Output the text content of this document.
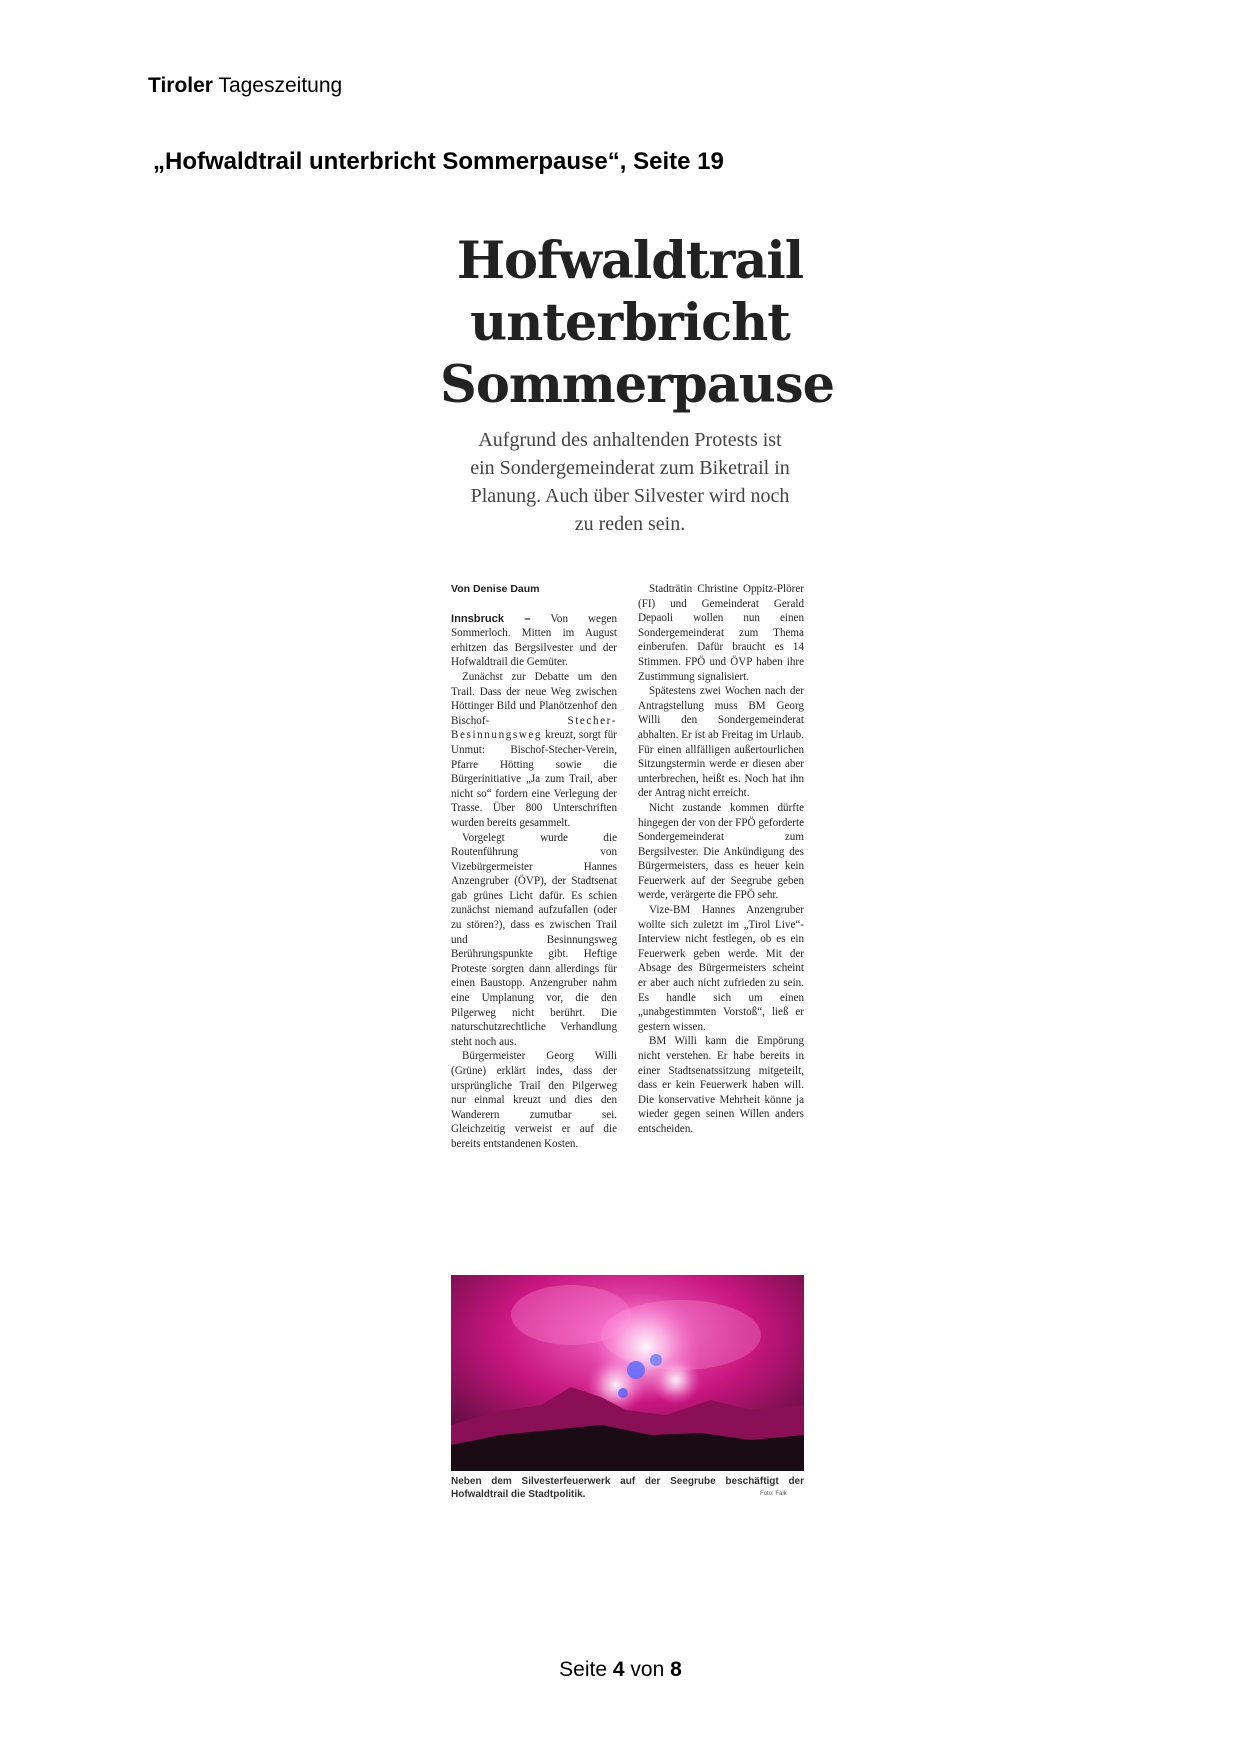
Tiroler Tageszeitung
„Hofwaldtrail unterbricht Sommerpause“, Seite 19
Hofwaldtrail
unterbricht
Sommerpause
Aufgrund des anhaltenden Protests ist ein Sondergemeinderat zum Biketrail in Planung. Auch über Silvester wird noch zu reden sein.
Von Denise Daum

Innsbruck – Von wegen Sommerloch. Mitten im August erhitzen das Bergsilvester und der Hofwaldtrail die Gemüter.

Zunächst zur Debatte um den Trail. Dass der neue Weg zwischen Höttinger Bild und Planötzenhof den Bischof-	Stecher-Besinnungsweg kreuzt, sorgt für Unmut: Bischof-Stecher-Verein, Pfarre Hötting sowie die Bürgerinitiative „Ja zum Trail, aber nicht so“ fordern eine Verlegung der Trasse. Über 800 Unterschriften wurden bereits gesammelt.

Vorgelegt wurde die Routenführung von Vizebürgermeister Hannes Anzengruber (ÖVP), der Stadtsenat gab grünes Licht dafür. Es schien zunächst niemand aufzufallen (oder zu stören?), dass es zwischen Trail und Besinnungsweg Berührungspunkte gibt. Heftige Proteste sorgten dann allerdings für einen Baustopp. Anzengruber nahm eine Umplanung vor, die den Pilgerweg nicht berührt. Die naturschutzrechtliche Verhandlung steht noch aus.

Bürgermeister Georg Willi (Grüne) erklärt indes, dass der ursprüngliche Trail den Pilgerweg nur einmal kreuzt und dies den Wanderern zumutbar sei. Gleichzeitig verweist er auf die bereits entstandenen Kosten.

Stadträtin Christine Oppitz-Plörer (FI) und Gemeinderat Gerald Depaoli wollen nun einen Sondergemeinderat zum Thema einberufen. Dafür braucht es 14 Stimmen. FPÖ und ÖVP haben ihre Zustimmung signalisiert.

Spätestens zwei Wochen nach der Antragstellung muss BM Georg Willi den Sondergemeinderat abhalten. Er ist ab Freitag im Urlaub. Für einen allfälligen außertourlichen Sitzungstermin werde er diesen aber unterbrechen, heißt es. Noch hat ihn der Antrag nicht erreicht.

Nicht zustande kommen dürfte hingegen der von der FPÖ geforderte Sondergemeinderat zum Bergsilvester. Die Ankündigung des Bürgermeisters, dass es heuer kein Feuerwerk auf der Seegrube geben werde, verärgerte die FPÖ sehr.

Vize-BM Hannes Anzengruber wollte sich zuletzt im „Tirol Live“-Interview nicht festlegen, ob es ein Feuerwerk geben werde. Mit der Absage des Bürgermeisters scheint er aber auch nicht zufrieden zu sein. Es handle sich um einen „unabgestimmten Vorstoß“, ließ er gestern wissen.

BM Willi kann die Empörung nicht verstehen. Er habe bereits in einer Stadtsenatssitzung mitgeteilt, dass er kein Feuerwerk haben will. Die konservative Mehrheit könne ja wieder gegen seinen Willen anders entscheiden.

Neben dem Silvesterfeuerwerk auf der Seegrube beschäftigt der Hofwaldtrail die Stadtpolitik.	Foto: Falk
Seite 4 von 8
